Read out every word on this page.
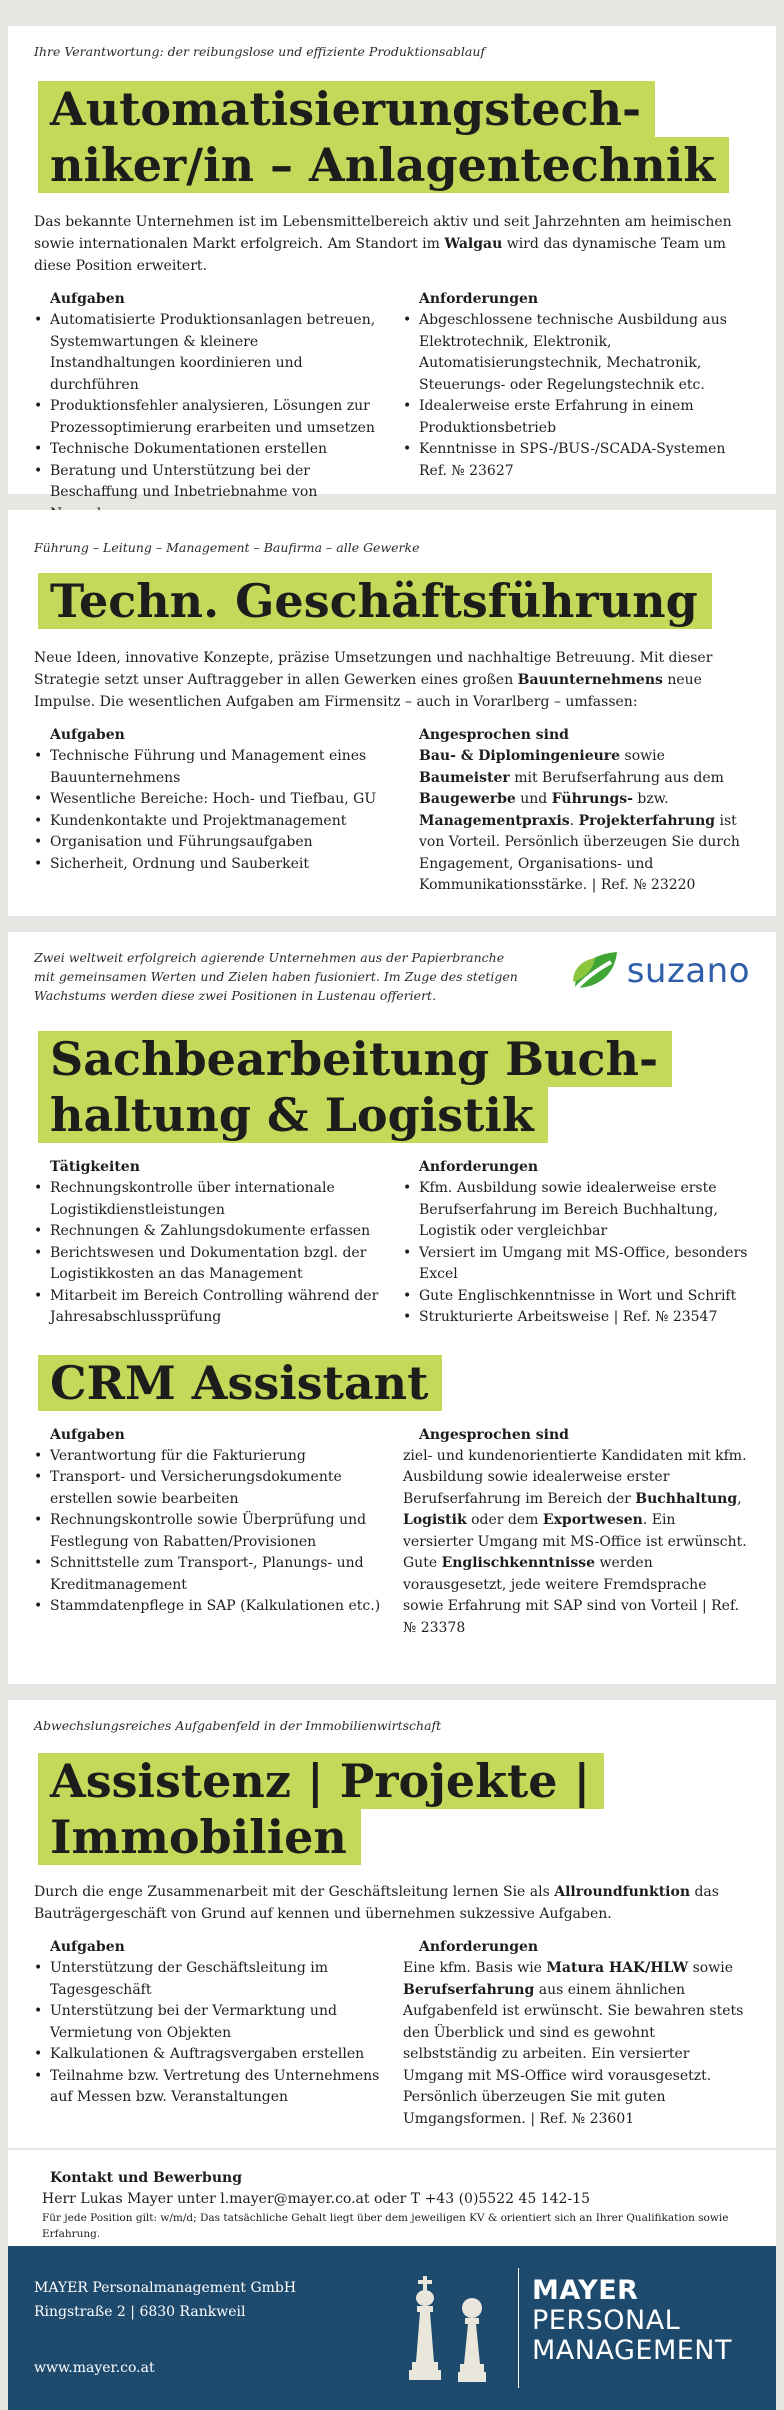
Ihre Verantwortung: der reibungslose und effiziente Produktionsablauf
Automatisierungstech-
niker/in – Anlagentechnik
Das bekannte Unternehmen ist im Lebensmittelbereich aktiv und seit Jahrzehnten am heimischen
sowie internationalen Markt erfolgreich. Am Standort im Walgau wird das dynamische Team um
diese Position erweitert.
Aufgaben
• Automatisierte Produktionsanlagen betreuen, Systemwartungen & kleinere Instandhaltungen koordinieren und durchführen
• Produktionsfehler analysieren, Lösungen zur Prozessoptimierung erarbeiten und umsetzen
• Technische Dokumentationen erstellen
• Beratung und Unterstützung bei der Beschaffung und Inbetriebnahme von
Anforderungen
• Abgeschlossene technische Ausbildung aus Elektrotechnik, Elektronik, Automatisierungstechnik, Mechatronik, Steuerungs- oder Regelungstechnik etc.
• Idealerweise erste Erfahrung in einem Produktionsbetrieb
• Kenntnisse in SPS-/BUS-/SCADA-Systemen

Ref. № 23627

Führung – Leitung – Management – Baufirma – alle Gewerke
Techn. Geschäftsführung
Neue Ideen, innovative Konzepte, präzise Umsetzungen und nachhaltige Betreuung. Mit dieser Strategie setzt unser Auftraggeber in allen Gewerken eines großen Bauunternehmens neue Impulse. Die wesentlichen Aufgaben am Firmensitz – auch in Vorarlberg – umfassen:
Aufgaben
• Technische Führung und Management eines Bauunternehmens
• Wesentliche Bereiche: Hoch- und Tiefbau, GU
• Kundenkontakte und Projektmanagement
• Organisation und Führungsaufgaben
• Sicherheit, Ordnung und Sauberkeit
Angesprochen sind

Bau- & Diplomingenieure sowie Baumeister mit Berufserfahrung aus dem Baugewerbe und Führungs- bzw. Managementpraxis. Projekterfahrung ist von Vorteil. Persönlich überzeugen Sie durch Engagement, Organisations- und Kommunikationsstärke. | Ref. № 23220

Zwei weltweit erfolgreich agierende Unternehmen aus der Papierbranche
mit gemeinsamen Werten und Zielen haben fusioniert. Im Zuge des stetigen
Wachstums werden diese zwei Positionen in Lustenau offeriert.
Sachbearbeitung Buch-
haltung & Logistik
Tätigkeiten
• Rechnungskontrolle über internationale Logistikdienstleistungen
• Rechnungen & Zahlungsdokumente erfassen
• Berichtswesen und Dokumentation bzgl. der Logistikkosten an das Management
• Mitarbeit im Bereich Controlling während der Jahresabschlussprüfung
Anforderungen
• Kfm. Ausbildung sowie idealerweise erste Berufserfahrung im Bereich Buchhaltung, Logistik oder vergleichbar
• Versiert im Umgang mit MS-Office, besonders Excel
• Gute Englischkenntnisse in Wort und Schrift
• Strukturierte Arbeitsweise | Ref. № 23547
CRM Assistant
Aufgaben
• Verantwortung für die Fakturierung
• Transport- und Versicherungsdokumente erstellen sowie bearbeiten
• Rechnungskontrolle sowie Überprüfung und Festlegung von Rabatten/Provisionen
• Schnittstelle zum Transport-, Planungs- und Kreditmanagement
• Stammdatenpflege in SAP (Kalkulationen etc.)
Angesprochen sind

ziel- und kundenorientierte Kandidaten mit kfm. Ausbildung sowie idealerweise erster Berufserfahrung im Bereich der Buchhaltung, Logistik oder dem Exportwesen. Ein versierter Umgang mit MS-Office ist erwünscht. Gute Englischkenntnisse werden vorausgesetzt, jede weitere Fremdsprache sowie Erfahrung mit SAP sind von Vorteil | Ref. № 23378

suzano
Abwechslungsreiches Aufgabenfeld in der Immobilienwirtschaft
Assistenz | Projekte |
Immobilien
Durch die enge Zusammenarbeit mit der Geschäftsleitung lernen Sie als Allroundfunktion das Bauträgergeschäft von Grund auf kennen und übernehmen sukzessive Aufgaben.
Aufgaben
• Unterstützung der Geschäftsleitung im Tagesgeschäft
• Unterstützung bei der Vermarktung und Vermietung von Objekten
• Kalkulationen & Auftragsvergaben erstellen
• Teilnahme bzw. Vertretung des Unternehmens auf Messen bzw. Veranstaltungen
Anforderungen

Eine kfm. Basis wie Matura HAK/HLW sowie Berufserfahrung aus einem ähnlichen Aufgabenfeld ist erwünscht. Sie bewahren stets den Überblick und sind es gewohnt selbstständig zu arbeiten. Ein versierter Umgang mit MS-Office wird vorausgesetzt. Persönlich überzeugen Sie mit guten Umgangsformen. | Ref. № 23601

Kontakt und Bewerbung
Herr Lukas Mayer unter l.mayer@mayer.co.at oder T +43 (0)5522 45 142-15
Für jede Position gilt: w/m/d; Das tatsächliche Gehalt liegt über dem jeweiligen KV & orientiert sich an Ihrer Qualifikation sowie Erfahrung.
MAYER Personalmanagement GmbH
Ringstraße 2 | 6830 Rankweil
www.mayer.co.at
MAYER
PERSONAL
MANAGEMENT
